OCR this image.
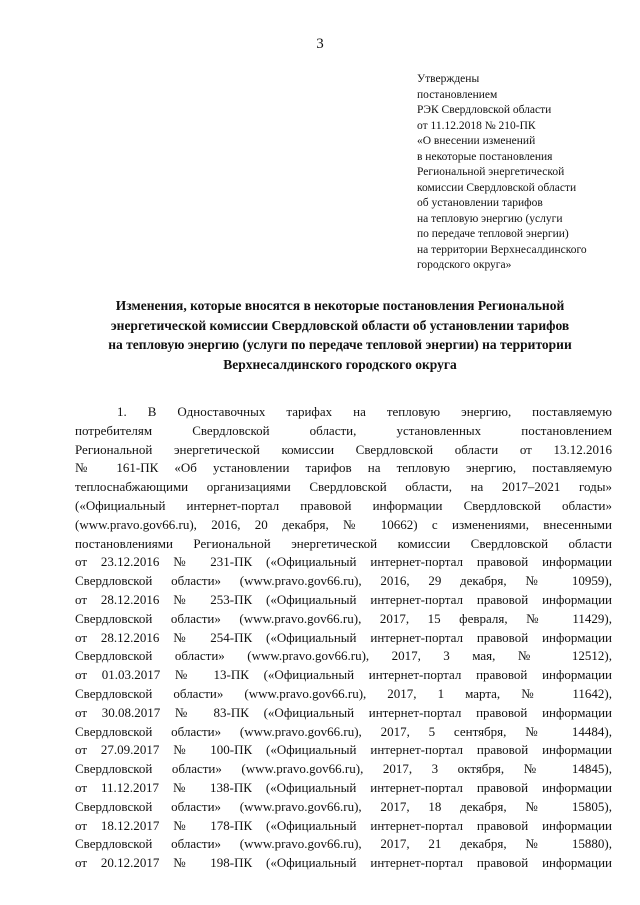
3
Утверждены
постановлением
РЭК Свердловской области
от 11.12.2018 № 210-ПК
«О внесении изменений
в некоторые постановления
Региональной энергетической
комиссии Свердловской области
об установлении тарифов
на тепловую энергию (услуги
по передаче тепловой энергии)
на территории Верхнесалдинского
городского округа»
Изменения, которые вносятся в некоторые постановления Региональной
энергетической комиссии Свердловской области об установлении тарифов
на тепловую энергию (услуги по передаче тепловой энергии) на территории
Верхнесалдинского городского округа
1. В Одноставочных тарифах на тепловую энергию, поставляемую
потребителям Свердловской области, установленных постановлением
Региональной энергетической комиссии Свердловской области от 13.12.2016
№ 161-ПК «Об установлении тарифов на тепловую энергию, поставляемую
теплоснабжающими организациями Свердловской области, на 2017–2021 годы»
(«Официальный интернет-портал правовой информации Свердловской области»
(www.pravo.gov66.ru), 2016, 20 декабря, № 10662) с изменениями, внесенными
постановлениями Региональной энергетической комиссии Свердловской области
от 23.12.2016 № 231-ПК («Официальный интернет-портал правовой информации
Свердловской области» (www.pravo.gov66.ru), 2016, 29 декабря, № 10959),
от 28.12.2016 № 253-ПК («Официальный интернет-портал правовой информации
Свердловской области» (www.pravo.gov66.ru), 2017, 15 февраля, № 11429),
от 28.12.2016 № 254-ПК («Официальный интернет-портал правовой информации
Свердловской области» (www.pravo.gov66.ru), 2017, 3 мая, № 12512),
от 01.03.2017 № 13-ПК («Официальный интернет-портал правовой информации
Свердловской области» (www.pravo.gov66.ru), 2017, 1 марта, № 11642),
от 30.08.2017 № 83-ПК («Официальный интернет-портал правовой информации
Свердловской области» (www.pravo.gov66.ru), 2017, 5 сентября, № 14484),
от 27.09.2017 № 100-ПК («Официальный интернет-портал правовой информации
Свердловской области» (www.pravo.gov66.ru), 2017, 3 октября, № 14845),
от 11.12.2017 № 138-ПК («Официальный интернет-портал правовой информации
Свердловской области» (www.pravo.gov66.ru), 2017, 18 декабря, № 15805),
от 18.12.2017 № 178-ПК («Официальный интернет-портал правовой информации
Свердловской области» (www.pravo.gov66.ru), 2017, 21 декабря, № 15880),
от 20.12.2017 № 198-ПК («Официальный интернет-портал правовой информации
